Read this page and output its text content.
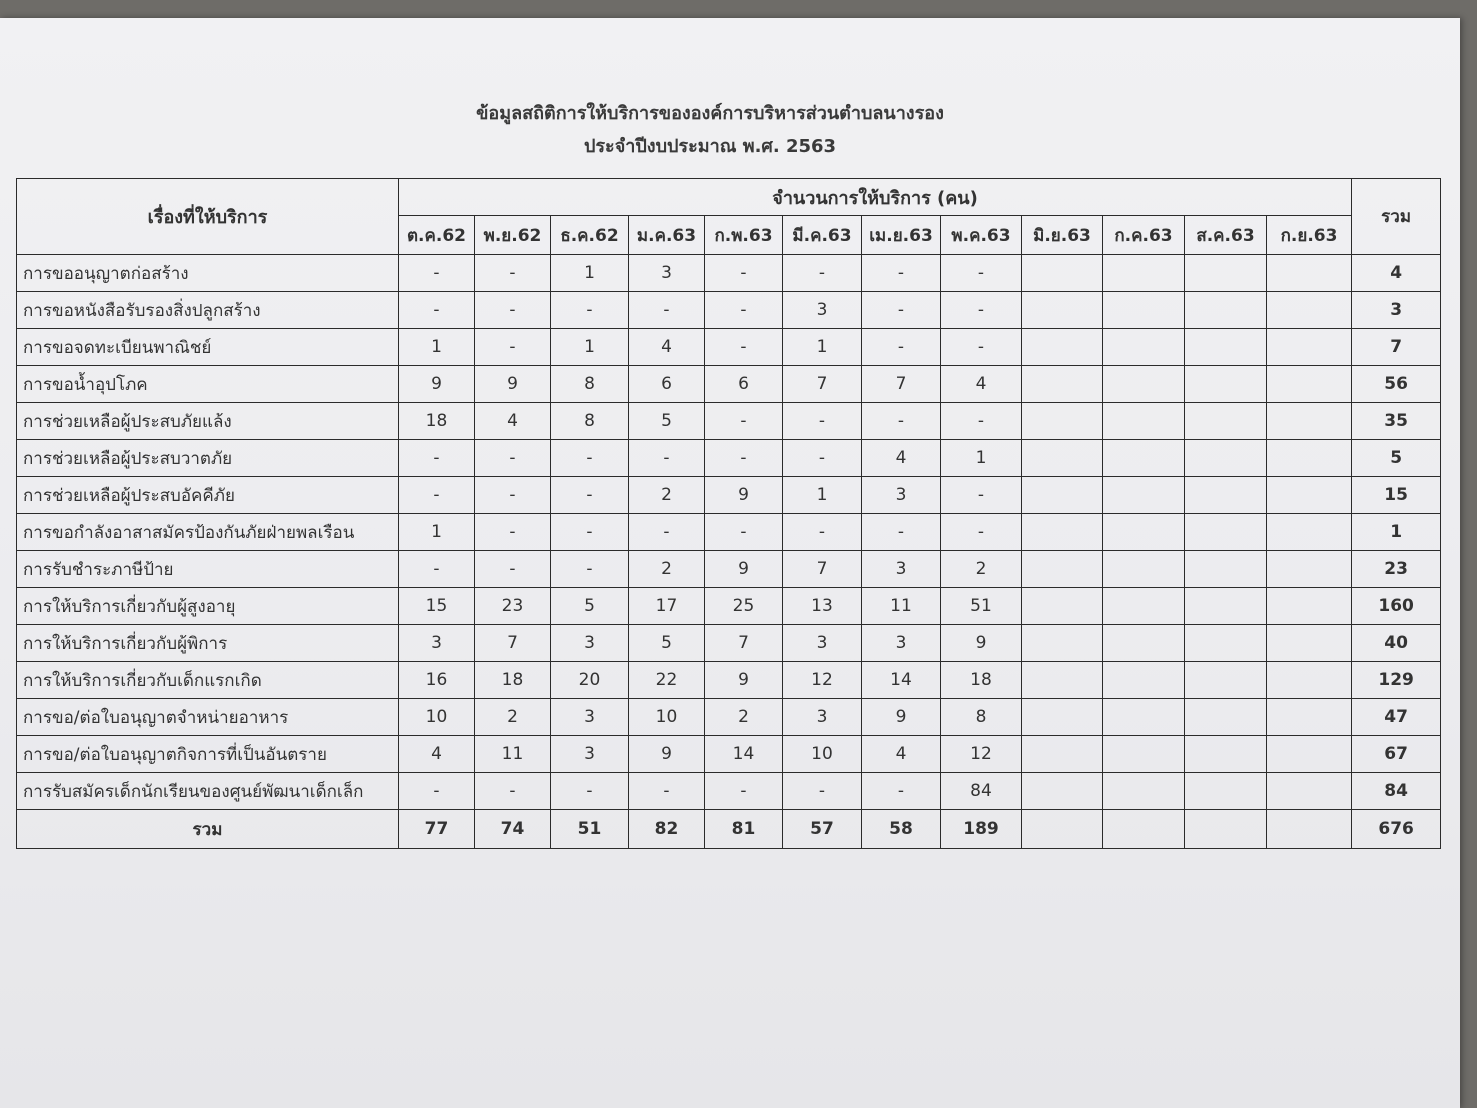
ข้อมูลสถิติการให้บริการขององค์การบริหารส่วนตำบลนางรอง
ประจำปีงบประมาณ พ.ศ. 2563
เรื่องที่ให้บริการ	จำนวนการให้บริการ (คน)												รวม
	ต.ค.62	พ.ย.62	ธ.ค.62	ม.ค.63	ก.พ.63	มี.ค.63	เม.ย.63	พ.ค.63	มิ.ย.63	ก.ค.63	ส.ค.63	ก.ย.63	
การขออนุญาตก่อสร้าง	-	-	1	3	-	-	-	-					4
การขอหนังสือรับรองสิ่งปลูกสร้าง	-	-	-	-	-	3	-	-					3
การขอจดทะเบียนพาณิชย์	1	-	1	4	-	1	-	-					7
การขอน้ำอุปโภค	9	9	8	6	6	7	7	4					56
การช่วยเหลือผู้ประสบภัยแล้ง	18	4	8	5	-	-	-	-					35
การช่วยเหลือผู้ประสบวาตภัย	-	-	-	-	-	-	4	1					5
การช่วยเหลือผู้ประสบอัคคีภัย	-	-	-	2	9	1	3	-					15
การขอกำลังอาสาสมัครป้องกันภัยฝ่ายพลเรือน	1	-	-	-	-	-	-	-					1
การรับชำระภาษีป้าย	-	-	-	2	9	7	3	2					23
การให้บริการเกี่ยวกับผู้สูงอายุ	15	23	5	17	25	13	11	51					160
การให้บริการเกี่ยวกับผู้พิการ	3	7	3	5	7	3	3	9					40
การให้บริการเกี่ยวกับเด็กแรกเกิด	16	18	20	22	9	12	14	18					129
การขอ/ต่อใบอนุญาตจำหน่ายอาหาร	10	2	3	10	2	3	9	8					47
การขอ/ต่อใบอนุญาตกิจการที่เป็นอันตราย	4	11	3	9	14	10	4	12					67
การรับสมัครเด็กนักเรียนของศูนย์พัฒนาเด็กเล็ก	-	-	-	-	-	-	-	84					84
รวม	77	74	51	82	81	57	58	189					676
